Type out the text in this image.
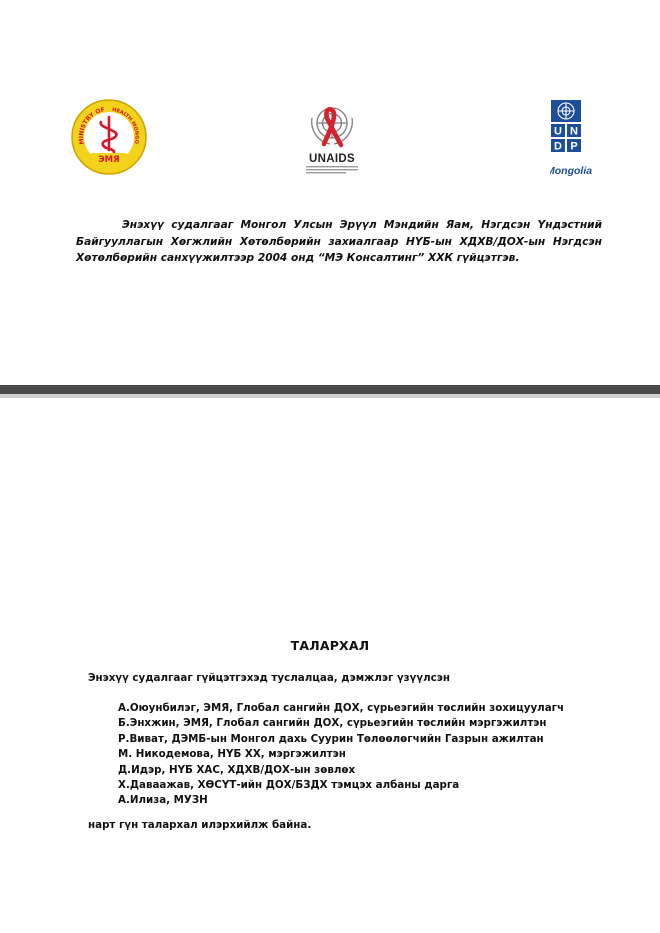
MINISTRY OF	HEALTH MONGO
ЭМЯ	UNAIDS
U N
D P
Mongolia

Энэхүү судалгааг Монгол Улсын Эрүүл Мэндийн Яам, Нэгдсэн Үндэстний Байгууллагын Хөгжлийн Хөтөлбөрийн захиалгаар НҮБ-ын ХДХВ/ДОХ-ын Нэгдсэн Хөтөлбөрийн санхүүжилтээр 2004 онд “МЭ Консалтинг” ХХК гүйцэтгэв.

ТАЛАРХАЛ
Энэхүү судалгааг гүйцэтгэхэд туслалцаа, дэмжлэг үзүүлсэн
А.Оюунбилэг, ЭМЯ, Глобал сангийн ДОХ, сүрьеэгийн төслийн зохицуулагч
Б.Энхжин, ЭМЯ, Глобал сангийн ДОХ, сүрьеэгийн төслийн мэргэжилтэн
Р.Виват, ДЭМБ-ын Монгол дахь Суурин Төлөөлөгчийн Газрын ажилтан
М. Никодемова, НҮБ ХХ, мэргэжилтэн
Д.Идэр, НҮБ ХАС, ХДХВ/ДОХ-ын зөвлөх
Х.Даваажав, ХӨСҮТ-ийн ДОХ/БЗДХ тэмцэх албаны дарга
А.Илиза, МУЗН
нарт гүн талархал илэрхийлж байна.
